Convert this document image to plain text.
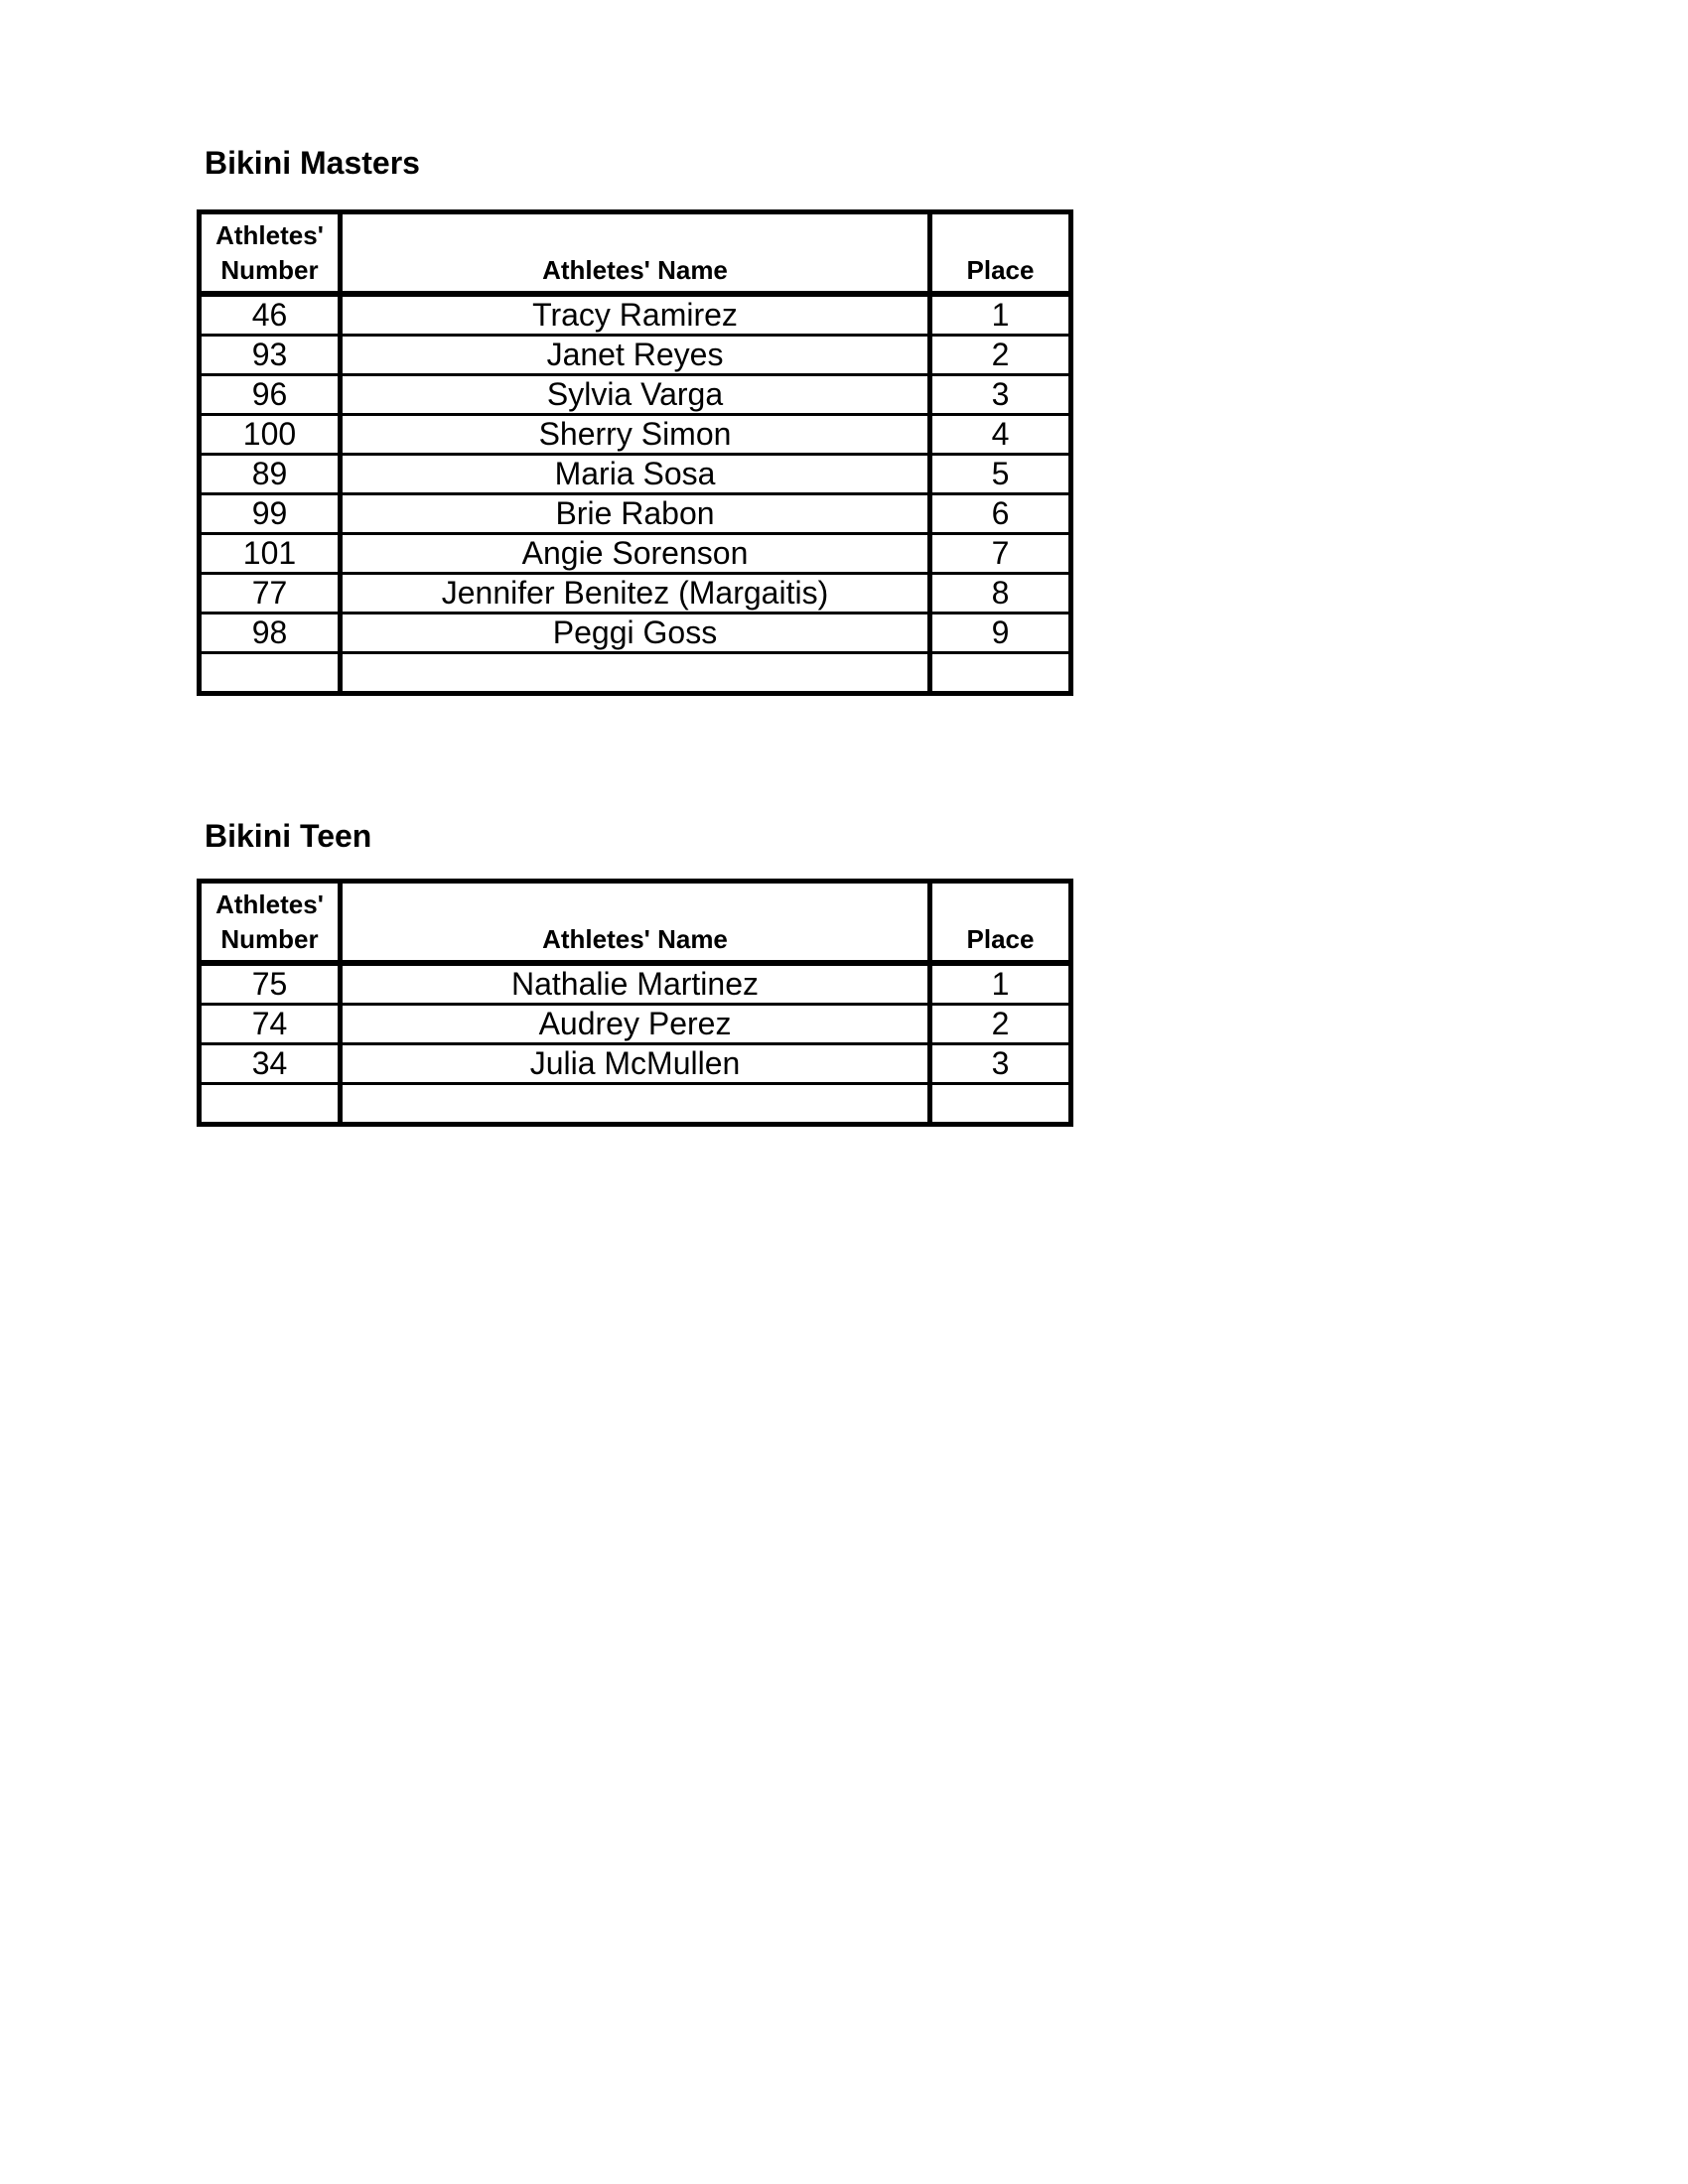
Bikini Masters
Athletes'
Number	Athletes' Name	Place
46	Tracy Ramirez	1
93	Janet Reyes	2
96	Sylvia Varga	3
100	Sherry Simon	4
89	Maria Sosa	5
99	Brie Rabon	6
101	Angie Sorenson	7
77	Jennifer Benitez (Margaitis)	8
98	Peggi Goss	9

Bikini Teen
Athletes'
Number	Athletes' Name	Place
75	Nathalie Martinez	1
74	Audrey Perez	2
34	Julia McMullen	3
